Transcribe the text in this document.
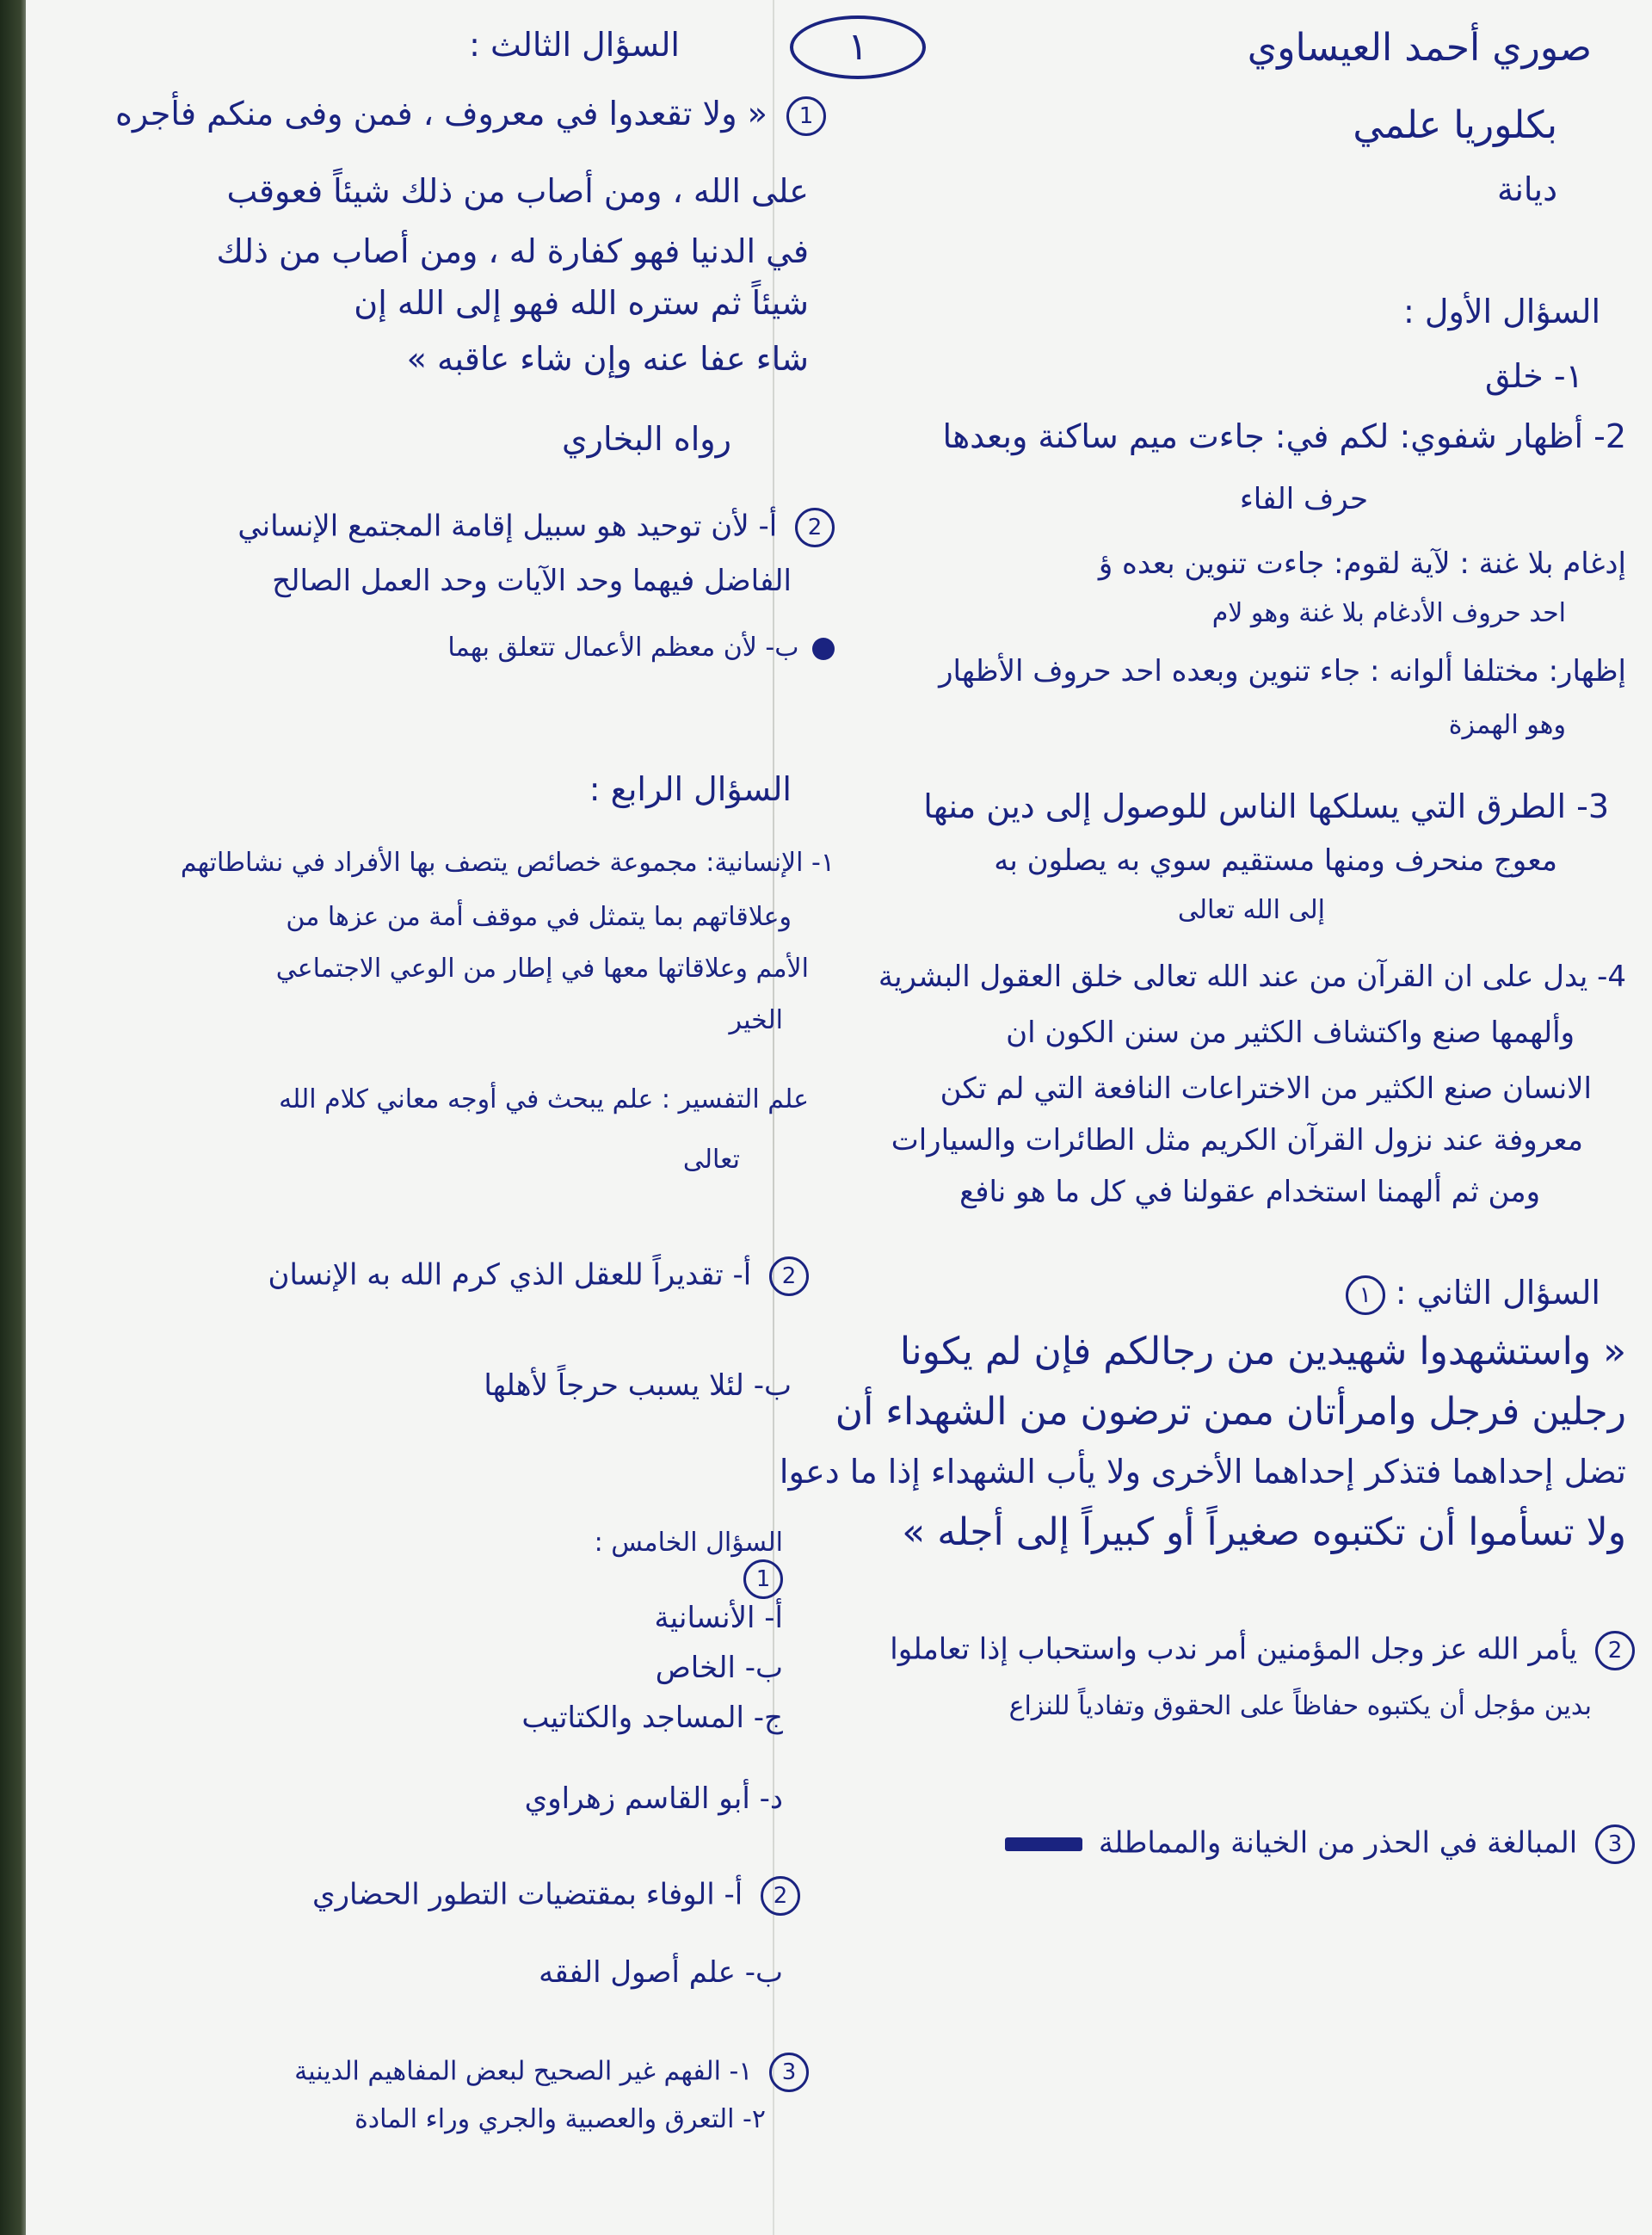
١	صوري أحمد العيساوي
بكلوريا علمي
ديانة
السؤال الأول :
١- خلق
2- أظهار شفوي: لكم في: جاءت ميم ساكنة وبعدها
حرف الفاء
إدغام بلا غنة : لآية لقوم: جاءت تنوين بعده ؤ
احد حروف الأدغام بلا غنة وهو لام
إظهار: مختلفا ألوانه : جاء تنوين وبعده احد حروف الأظهار
وهو الهمزة
3- الطرق التي يسلكها الناس للوصول إلى دين منها
معوج منحرف ومنها مستقيم سوي به يصلون به
إلى الله تعالى
4- يدل على ان القرآن من عند الله تعالى خلق العقول البشرية
وألهمها صنع واكتشاف الكثير من سنن الكون ان
الانسان صنع الكثير من الاختراعات النافعة التي لم تكن
معروفة عند نزول القرآن الكريم مثل الطائرات والسيارات
ومن ثم ألهمنا استخدام عقولنا في كل ما هو نافع
السؤال الثاني : ١
« واستشهدوا شهيدين من رجالكم فإن لم يكونا
رجلين فرجل وامرأتان ممن ترضون من الشهداء أن
تضل إحداهما فتذكر إحداهما الأخرى ولا يأب الشهداء إذا ما دعوا
ولا تسأموا أن تكتبوه صغيراً أو كبيراً إلى أجله »
2 يأمر الله عز وجل المؤمنين أمر ندب واستحباب إذا تعاملوا
بدين مؤجل أن يكتبوه حفاظاً على الحقوق وتفادياً للنزاع
3 المبالغة في الحذر من الخيانة والمماطلة
السؤال الثالث :
1 « ولا تقعدوا في معروف ، فمن وفى منكم فأجره
على الله ، ومن أصاب من ذلك شيئاً فعوقب
في الدنيا فهو كفارة له ، ومن أصاب من ذلك
شيئاً ثم ستره الله فهو إلى الله إن
شاء عفا عنه وإن شاء عاقبه »
رواه البخاري
2 أ- لأن توحيد هو سبيل إقامة المجتمع الإنساني
الفاضل فيهما وحد الآيات وحد العمل الصالح
ب- لأن معظم الأعمال تتعلق بهما
السؤال الرابع :
١- الإنسانية: مجموعة خصائص يتصف بها الأفراد في نشاطاتهم
وعلاقاتهم بما يتمثل في موقف أمة من عزها من
الأمم وعلاقاتها معها في إطار من الوعي الاجتماعي
الخير
علم التفسير : علم يبحث في أوجه معاني كلام الله
تعالى
2 أ- تقديراً للعقل الذي كرم الله به الإنسان
ب- لئلا يسبب حرجاً لأهلها
السؤال الخامس :
1
أ- الأنسانية
ب- الخاص
ج- المساجد والكتاتيب
د- أبو القاسم زهراوي
2 أ- الوفاء بمقتضيات التطور الحضاري
ب- علم أصول الفقه
3 ١- الفهم غير الصحيح لبعض المفاهيم الدينية
٢- التعرق والعصبية والجري وراء المادة
